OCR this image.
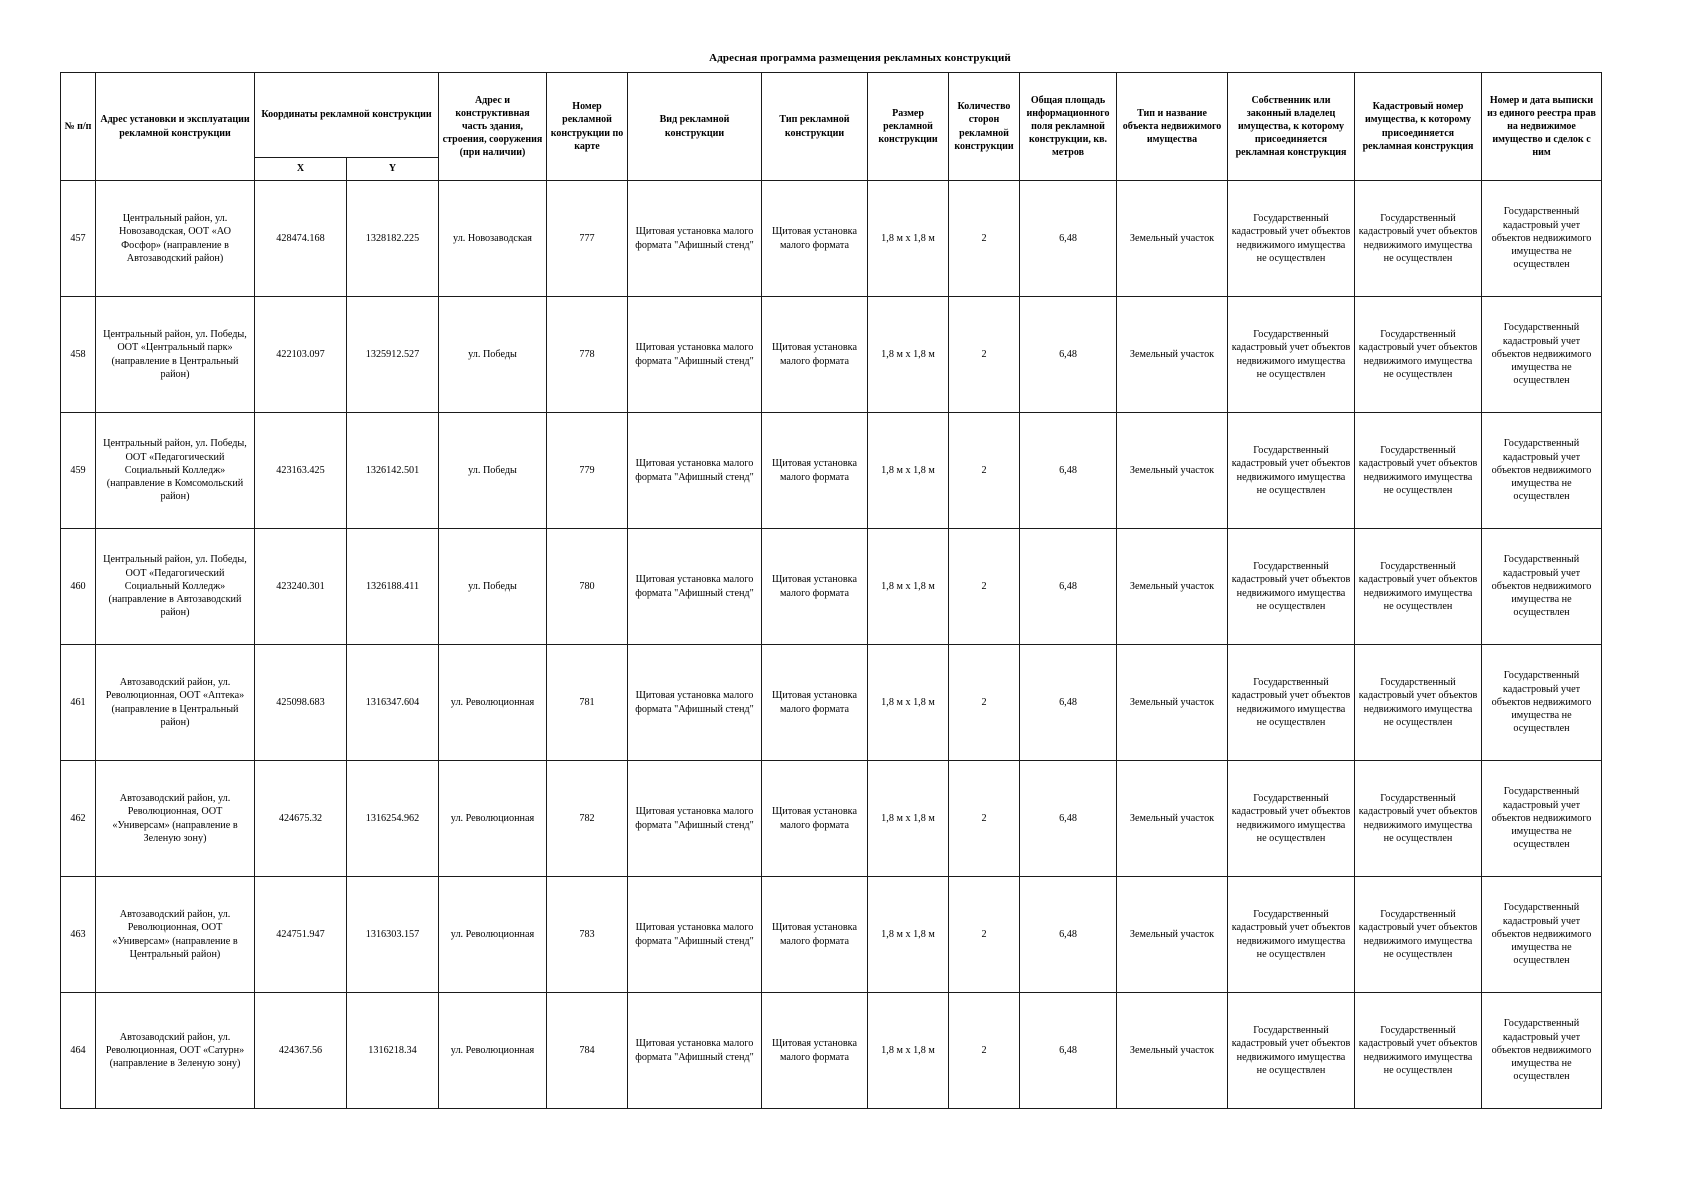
Адресная программа размещения рекламных конструкций
№ п/п	Адрес установки и эксплуатации рекламной конструкции	Координаты рекламной конструкции		Адрес и конструктивная часть здания, строения, сооружения (при наличии)	Номер рекламной конструкции по карте	Вид рекламной конструкции	Тип рекламной конструкции	Размер рекламной конструкции	Количество сторон рекламной конструкции	Общая площадь информационного поля рекламной конструкции, кв. метров	Тип и название объекта недвижимого имущества	Собственник или законный владелец имущества, к которому присоединяется рекламная конструкция	Кадастровый номер имущества, к которому присоединяется рекламная конструкция	Номер и дата выписки из единого реестра прав на недвижимое имущество и сделок с ним
		X	Y											
457	Центральный район, ул. Новозаводская, ООТ «АО Фосфор» (направление в Автозаводский район)	428474.168	1328182.225	ул. Новозаводская	777	Щитовая установка малого формата "Афишный стенд"	Щитовая установка малого формата	1,8 м х 1,8 м	2	6,48	Земельный участок	Государственный кадастровый учет объектов недвижимого имущества не осуществлен	Государственный кадастровый учет объектов недвижимого имущества не осуществлен	Государственный кадастровый учет объектов недвижимого имущества не осуществлен
458	Центральный район, ул. Победы, ООТ «Центральный парк» (направление в Центральный район)	422103.097	1325912.527	ул. Победы	778	Щитовая установка малого формата "Афишный стенд"	Щитовая установка малого формата	1,8 м х 1,8 м	2	6,48	Земельный участок	Государственный кадастровый учет объектов недвижимого имущества не осуществлен	Государственный кадастровый учет объектов недвижимого имущества не осуществлен	Государственный кадастровый учет объектов недвижимого имущества не осуществлен
459	Центральный район, ул. Победы, ООТ «Педагогический Социальный Колледж» (направление в Комсомольский район)	423163.425	1326142.501	ул. Победы	779	Щитовая установка малого формата "Афишный стенд"	Щитовая установка малого формата	1,8 м х 1,8 м	2	6,48	Земельный участок	Государственный кадастровый учет объектов недвижимого имущества не осуществлен	Государственный кадастровый учет объектов недвижимого имущества не осуществлен	Государственный кадастровый учет объектов недвижимого имущества не осуществлен
460	Центральный район, ул. Победы, ООТ «Педагогический Социальный Колледж» (направление в Автозаводский район)	423240.301	1326188.411	ул. Победы	780	Щитовая установка малого формата "Афишный стенд"	Щитовая установка малого формата	1,8 м х 1,8 м	2	6,48	Земельный участок	Государственный кадастровый учет объектов недвижимого имущества не осуществлен	Государственный кадастровый учет объектов недвижимого имущества не осуществлен	Государственный кадастровый учет объектов недвижимого имущества не осуществлен
461	Автозаводский район, ул. Революционная, ООТ «Аптека» (направление в Центральный район)	425098.683	1316347.604	ул. Революционная	781	Щитовая установка малого формата "Афишный стенд"	Щитовая установка малого формата	1,8 м х 1,8 м	2	6,48	Земельный участок	Государственный кадастровый учет объектов недвижимого имущества не осуществлен	Государственный кадастровый учет объектов недвижимого имущества не осуществлен	Государственный кадастровый учет объектов недвижимого имущества не осуществлен
462	Автозаводский район, ул. Революционная, ООТ «Универсам» (направление в Зеленую зону)	424675.32	1316254.962	ул. Революционная	782	Щитовая установка малого формата "Афишный стенд"	Щитовая установка малого формата	1,8 м х 1,8 м	2	6,48	Земельный участок	Государственный кадастровый учет объектов недвижимого имущества не осуществлен	Государственный кадастровый учет объектов недвижимого имущества не осуществлен	Государственный кадастровый учет объектов недвижимого имущества не осуществлен
463	Автозаводский район, ул. Революционная, ООТ «Универсам» (направление в Центральный район)	424751.947	1316303.157	ул. Революционная	783	Щитовая установка малого формата "Афишный стенд"	Щитовая установка малого формата	1,8 м х 1,8 м	2	6,48	Земельный участок	Государственный кадастровый учет объектов недвижимого имущества не осуществлен	Государственный кадастровый учет объектов недвижимого имущества не осуществлен	Государственный кадастровый учет объектов недвижимого имущества не осуществлен
464	Автозаводский район, ул. Революционная, ООТ «Сатурн» (направление в Зеленую зону)	424367.56	1316218.34	ул. Революционная	784	Щитовая установка малого формата "Афишный стенд"	Щитовая установка малого формата	1,8 м х 1,8 м	2	6,48	Земельный участок	Государственный кадастровый учет объектов недвижимого имущества не осуществлен	Государственный кадастровый учет объектов недвижимого имущества не осуществлен	Государственный кадастровый учет объектов недвижимого имущества не осуществлен
